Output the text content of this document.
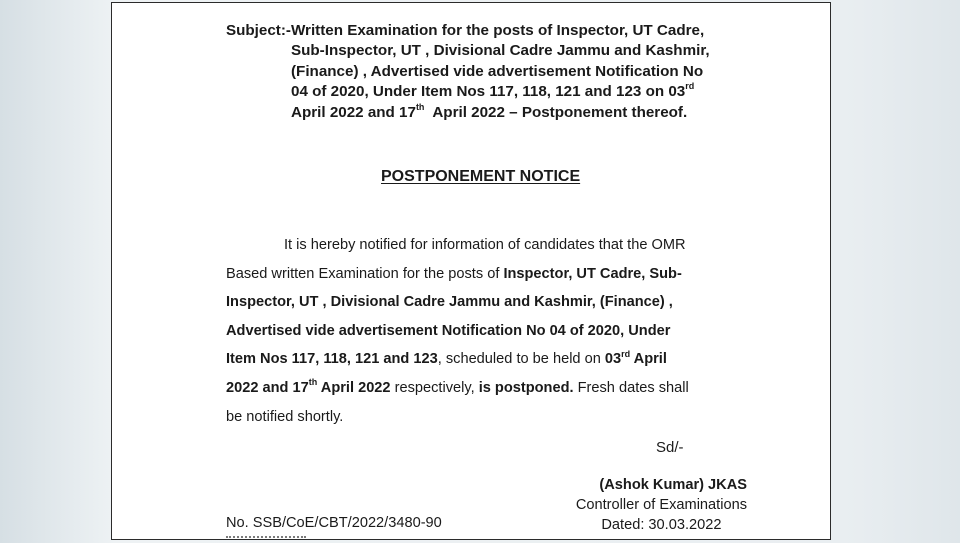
Subject:-Written Examination for the posts of Inspector, UT Cadre,
Sub-Inspector, UT , Divisional Cadre Jammu and Kashmir,
(Finance) , Advertised vide advertisement Notification No
04 of 2020, Under Item Nos 117, 118, 121 and 123 on 03rd
April 2022 and 17th April 2022 – Postponement thereof.
POSTPONEMENT NOTICE
It is hereby notified for information of candidates that the OMR
Based written Examination for the posts of Inspector, UT Cadre, Sub-
Inspector, UT , Divisional Cadre Jammu and Kashmir, (Finance) ,
Advertised vide advertisement Notification No 04 of 2020, Under
Item Nos 117, 118, 121 and 123, scheduled to be held on 03rd April
2022 and 17th April 2022 respectively, is postponed. Fresh dates shall
be notified shortly.
Sd/-
(Ashok Kumar) JKAS
Controller of Examinations
Dated: 30.03.2022
No. SSB/CoE/CBT/2022/3480-90
